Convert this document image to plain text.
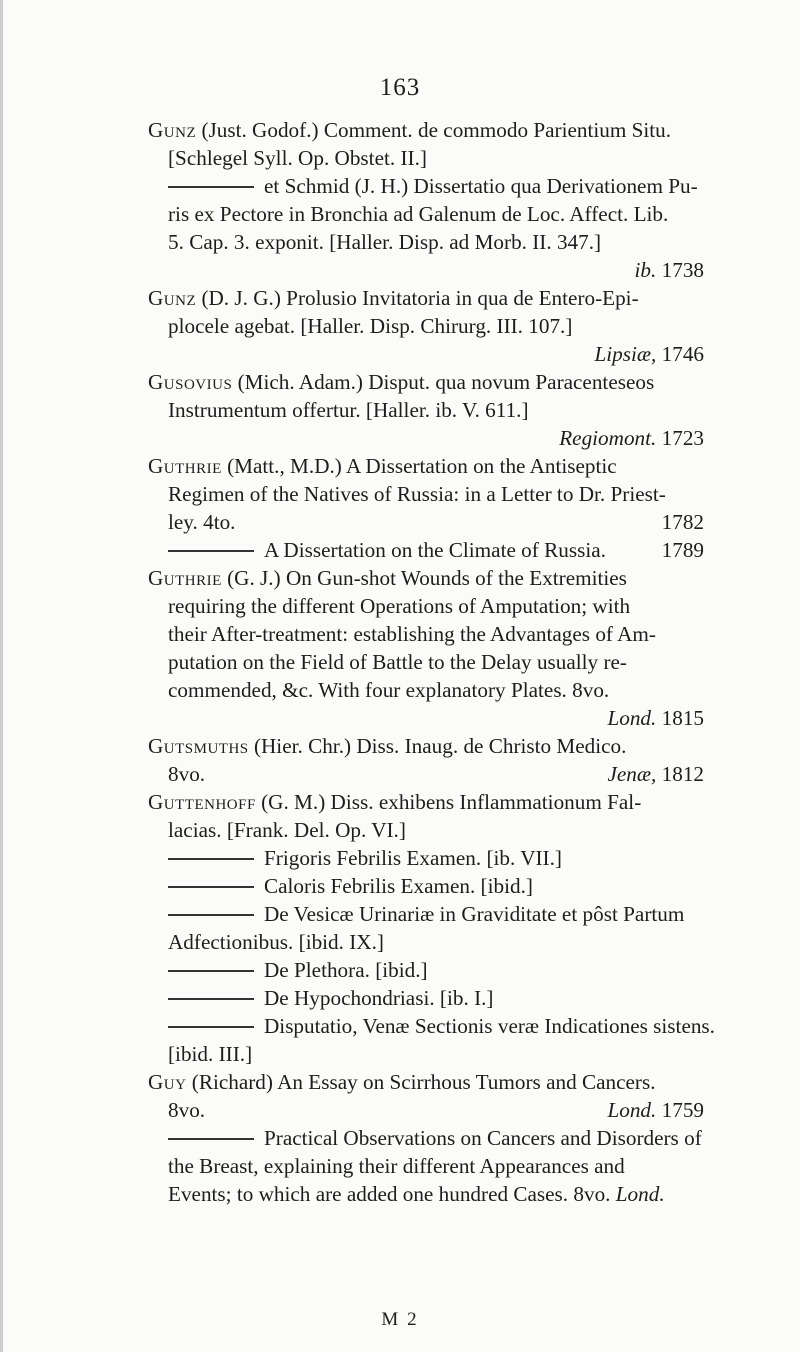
163
Gunz (Just. Godof.) Comment. de commodo Parientium Situ.
[Schlegel Syll. Op. Obstet. II.]
et Schmid (J. H.) Dissertatio qua Derivationem Pu-
ris ex Pectore in Bronchia ad Galenum de Loc. Affect. Lib.
5. Cap. 3. exponit. [Haller. Disp. ad Morb. II. 347.]
ib. 1738
Gunz (D. J. G.) Prolusio Invitatoria in qua de Entero-Epi-
plocele agebat. [Haller. Disp. Chirurg. III. 107.]
Lipsiæ, 1746
Gusovius (Mich. Adam.) Disput. qua novum Paracenteseos
Instrumentum offertur. [Haller. ib. V. 611.]
Regiomont. 1723
Guthrie (Matt., M.D.) A Dissertation on the Antiseptic
Regimen of the Natives of Russia: in a Letter to Dr. Priest-
ley. 4to.	1782
A Dissertation on the Climate of Russia.	1789
Guthrie (G. J.) On Gun-shot Wounds of the Extremities
requiring the different Operations of Amputation; with
their After-treatment: establishing the Advantages of Am-
putation on the Field of Battle to the Delay usually re-
commended, &c. With four explanatory Plates. 8vo.
Lond. 1815
Gutsmuths (Hier. Chr.) Diss. Inaug. de Christo Medico.
8vo.	Jenæ, 1812
Guttenhoff (G. M.) Diss. exhibens Inflammationum Fal-
lacias. [Frank. Del. Op. VI.]
Frigoris Febrilis Examen. [ib. VII.]
Caloris Febrilis Examen. [ibid.]
De Vesicæ Urinariæ in Graviditate et pôst Partum
Adfectionibus. [ibid. IX.]
De Plethora. [ibid.]
De Hypochondriasi. [ib. I.]
Disputatio, Venæ Sectionis veræ Indicationes sistens.
[ibid. III.]
Guy (Richard) An Essay on Scirrhous Tumors and Cancers.
8vo.	Lond. 1759
Practical Observations on Cancers and Disorders of
the Breast, explaining their different Appearances and
Events; to which are added one hundred Cases. 8vo. Lond.
M 2
